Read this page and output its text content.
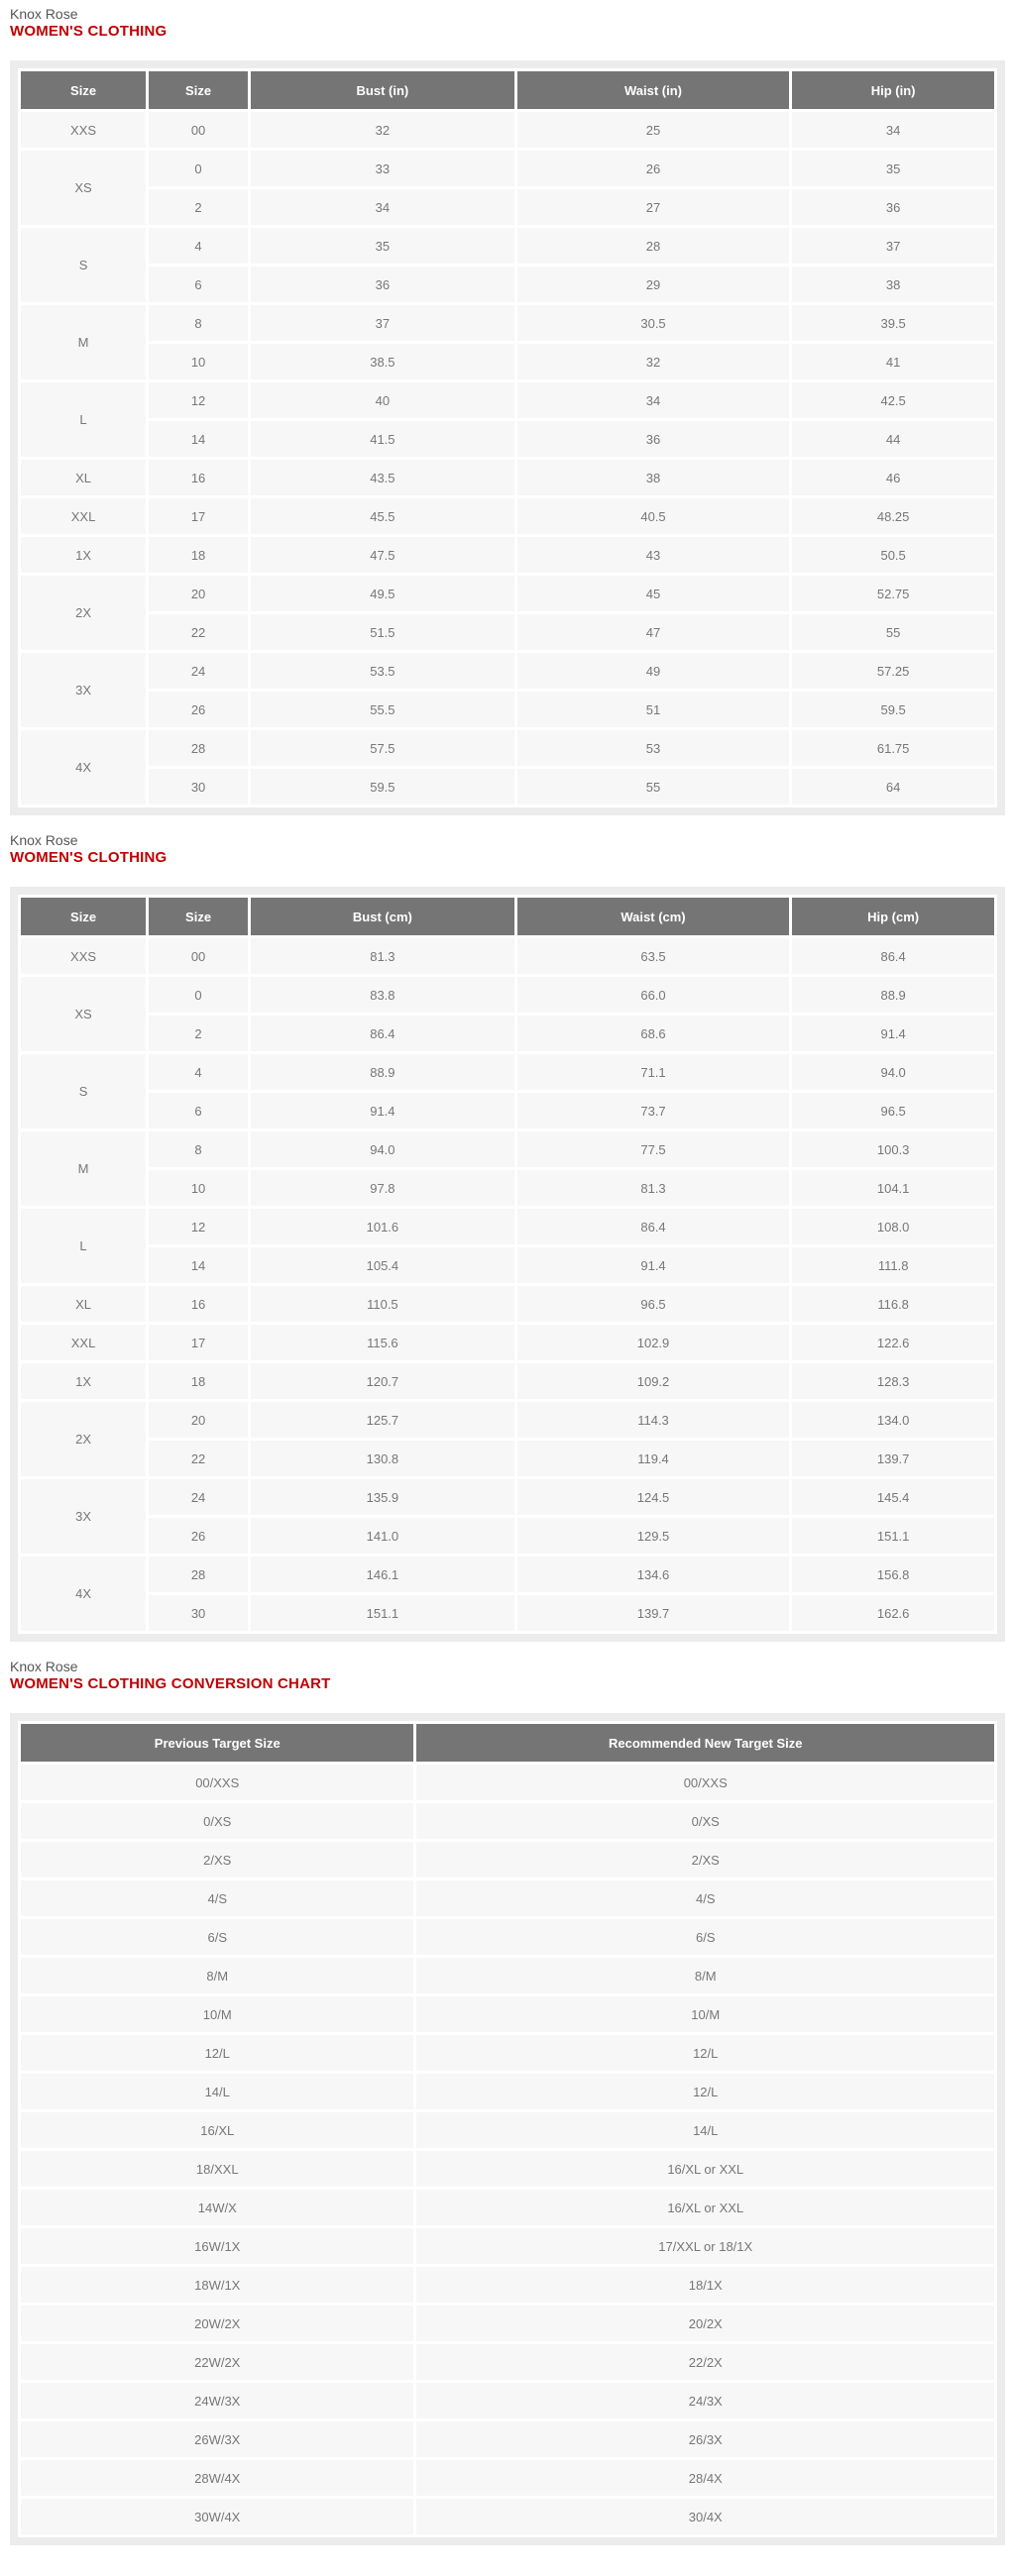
Knox Rose

WOMEN'S CLOTHING
Size	Size	Bust (in)	Waist (in)	Hip (in)
XXS	00	32	25	34
XS	0	33	26	35
	2	34	27	36
S	4	35	28	37
	6	36	29	38
M	8	37	30.5	39.5
	10	38.5	32	41
L	12	40	34	42.5
	14	41.5	36	44
XL	16	43.5	38	46
XXL	17	45.5	40.5	48.25
1X	18	47.5	43	50.5
2X	20	49.5	45	52.75
	22	51.5	47	55
3X	24	53.5	49	57.25
	26	55.5	51	59.5
4X	28	57.5	53	61.75
	30	59.5	55	64

Knox Rose

WOMEN'S CLOTHING
Size	Size	Bust (cm)	Waist (cm)	Hip (cm)
XXS	00	81.3	63.5	86.4
XS	0	83.8	66.0	88.9
	2	86.4	68.6	91.4
S	4	88.9	71.1	94.0
	6	91.4	73.7	96.5
M	8	94.0	77.5	100.3
	10	97.8	81.3	104.1
L	12	101.6	86.4	108.0
	14	105.4	91.4	111.8
XL	16	110.5	96.5	116.8
XXL	17	115.6	102.9	122.6
1X	18	120.7	109.2	128.3
2X	20	125.7	114.3	134.0
	22	130.8	119.4	139.7
3X	24	135.9	124.5	145.4
	26	141.0	129.5	151.1
4X	28	146.1	134.6	156.8
	30	151.1	139.7	162.6

Knox Rose

WOMEN'S CLOTHING CONVERSION CHART
Previous Target Size	Recommended New Target Size
00/XXS	00/XXS
0/XS	0/XS
2/XS	2/XS
4/S	4/S
6/S	6/S
8/M	8/M
10/M	10/M
12/L	12/L
14/L	12/L
16/XL	14/L
18/XXL	16/XL or XXL
14W/X	16/XL or XXL
16W/1X	17/XXL or 18/1X
18W/1X	18/1X
20W/2X	20/2X
22W/2X	22/2X
24W/3X	24/3X
26W/3X	26/3X
28W/4X	28/4X
30W/4X	30/4X
